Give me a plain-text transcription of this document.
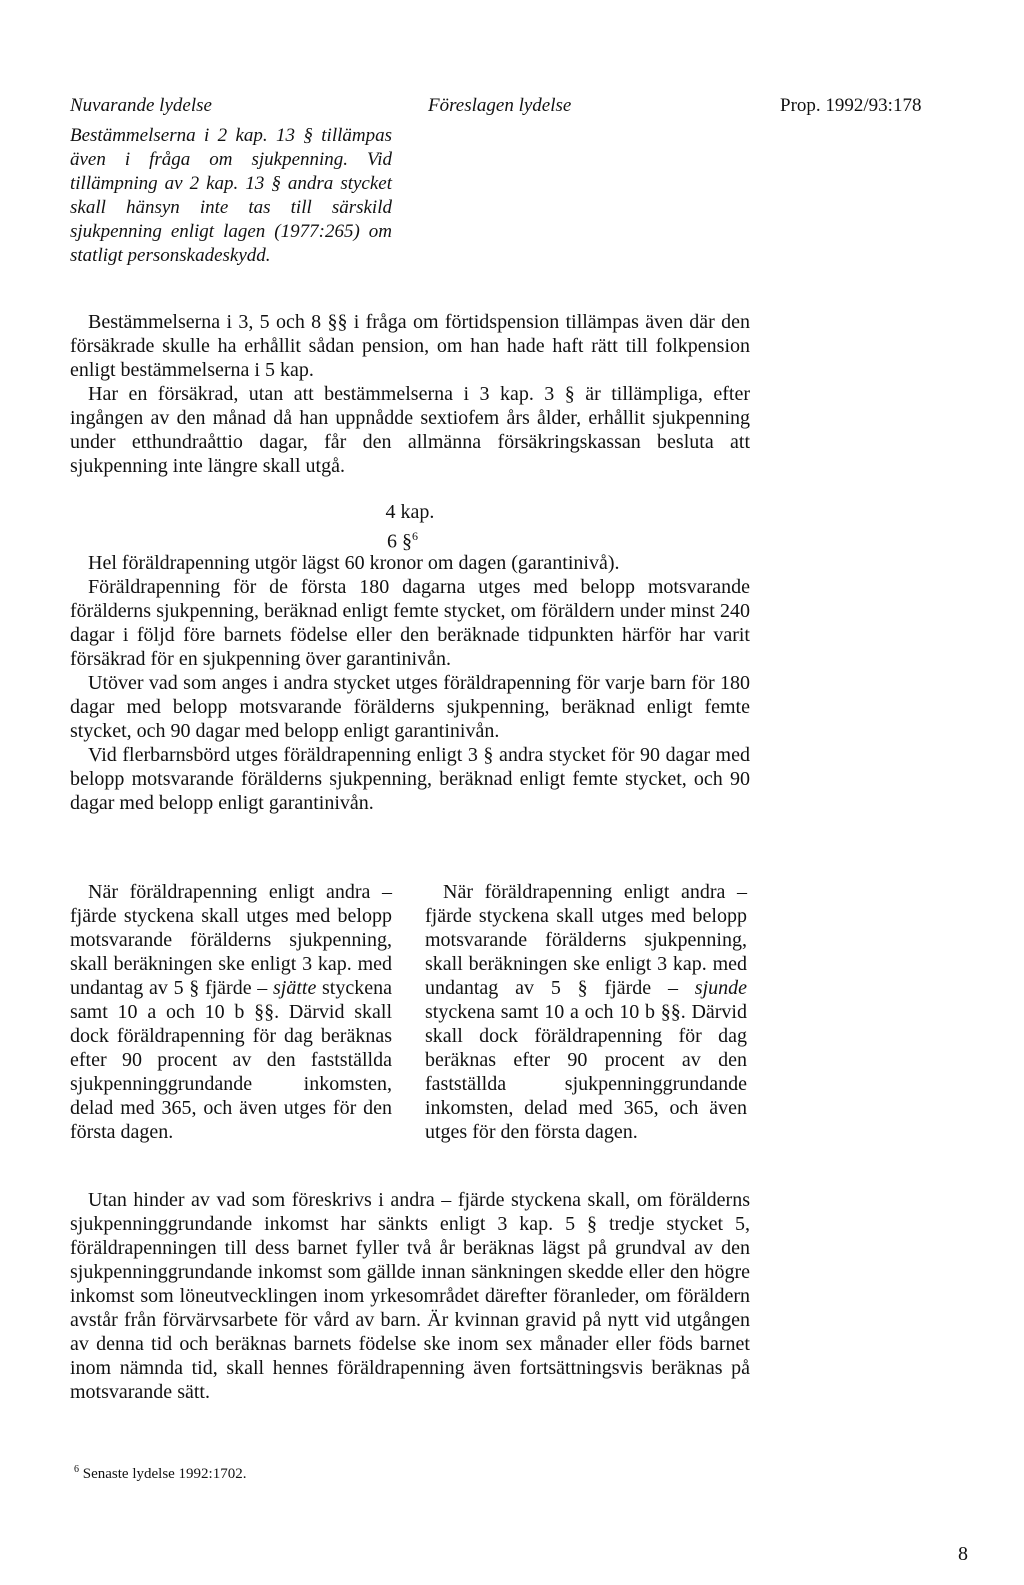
Nuvarande lydelse	Föreslagen lydelse	Prop. 1992/93:178

Bestämmelserna i 2 kap. 13 § tillämpas även i fråga om sjukpenning. Vid tillämpning av 2 kap. 13 § andra stycket skall hänsyn inte tas till särskild sjukpenning enligt lagen (1977:265) om statligt personskadeskydd.

Bestämmelserna i 3, 5 och 8 §§ i fråga om förtidspension tillämpas även där den försäkrade skulle ha erhållit sådan pension, om han hade haft rätt till folkpension enligt bestämmelserna i 5 kap.

Har en försäkrad, utan att bestämmelserna i 3 kap. 3 § är tillämpliga, efter ingången av den månad då han uppnådde sextiofem års ålder, erhållit sjukpenning under etthundraåttio dagar, får den allmänna försäkringskassan besluta att sjukpenning inte längre skall utgå.

4 kap.
6 §$^6$

Hel föräldrapenning utgör lägst 60 kronor om dagen (garantinivå).

Föräldrapenning för de första 180 dagarna utges med belopp motsvarande förälderns sjukpenning, beräknad enligt femte stycket, om föräldern under minst 240 dagar i följd före barnets födelse eller den beräknade tidpunkten härför har varit försäkrad för en sjukpenning över garantinivån.

Utöver vad som anges i andra stycket utges föräldrapenning för varje barn för 180 dagar med belopp motsvarande förälderns sjukpenning, beräknad enligt femte stycket, och 90 dagar med belopp enligt garantinivån.

Vid flerbarnsbörd utges föräldrapenning enligt 3 § andra stycket för 90 dagar med belopp motsvarande förälderns sjukpenning, beräknad enligt femte stycket, och 90 dagar med belopp enligt garantinivån.

När föräldrapenning enligt andra – fjärde styckena skall utges med belopp motsvarande förälderns sjukpenning, skall beräkningen ske enligt 3 kap. med undantag av 5 § fjärde – sjätte styckena samt 10 a och 10 b §§. Därvid skall dock föräldrapenning för dag beräknas efter 90 procent av den fastställda sjukpenninggrundande inkomsten, delad med 365, och även utges för den första dagen.

När föräldrapenning enligt andra – fjärde styckena skall utges med belopp motsvarande förälderns sjukpenning, skall beräkningen ske enligt 3 kap. med undantag av 5 § fjärde – sjunde styckena samt 10 a och 10 b §§. Därvid skall dock föräldrapenning för dag beräknas efter 90 procent av den fastställda sjukpenninggrundande inkomsten, delad med 365, och även utges för den första dagen.

Utan hinder av vad som föreskrivs i andra – fjärde styckena skall, om förälderns sjukpenninggrundande inkomst har sänkts enligt 3 kap. 5 § tredje stycket 5, föräldrapenningen till dess barnet fyller två år beräknas lägst på grundval av den sjukpenninggrundande inkomst som gällde innan sänkningen skedde eller den högre inkomst som löneutvecklingen inom yrkesområdet därefter föranleder, om föräldern avstår från förvärvsarbete för vård av barn. Är kvinnan gravid på nytt vid utgången av denna tid och beräknas barnets födelse ske inom sex månader eller föds barnet inom nämnda tid, skall hennes föräldrapenning även fortsättningsvis beräknas på motsvarande sätt.

$^6$ Senaste lydelse 1992:1702.
8
